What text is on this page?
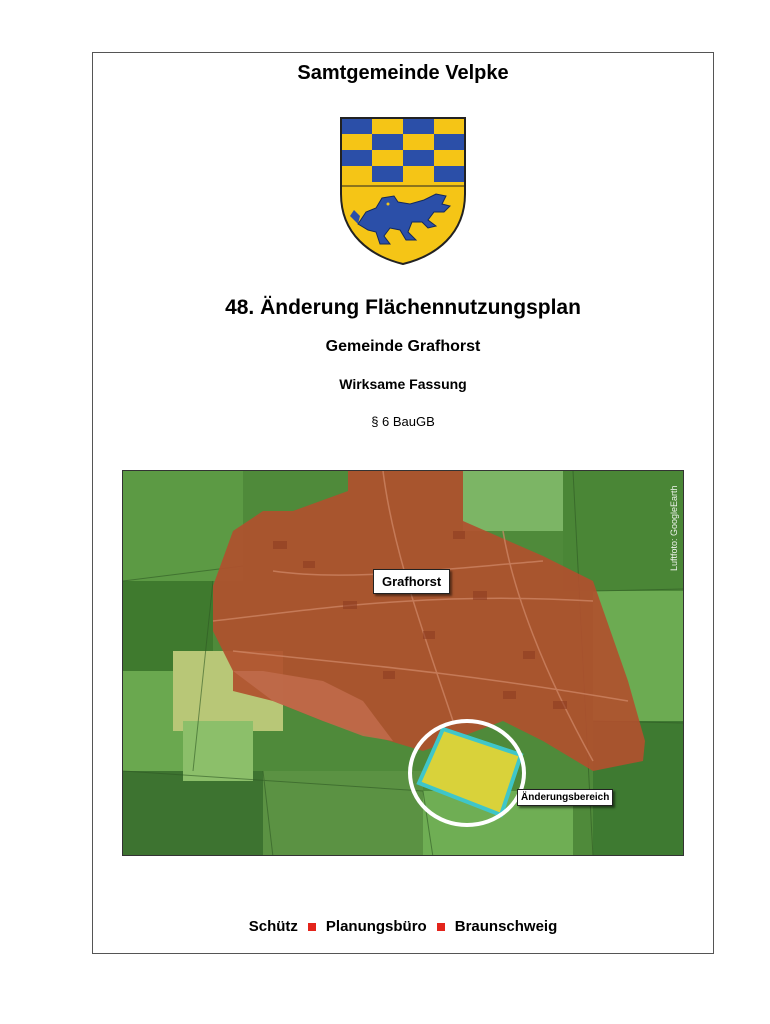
Samtgemeinde Velpke
48. Änderung Flächennutzungsplan
Gemeinde Grafhorst
Wirksame Fassung
§ 6 BauGB
Grafhorst
Änderungsbereich
Luftfoto: GoogleEarth
Schütz Planungsbüro Braunschweig
